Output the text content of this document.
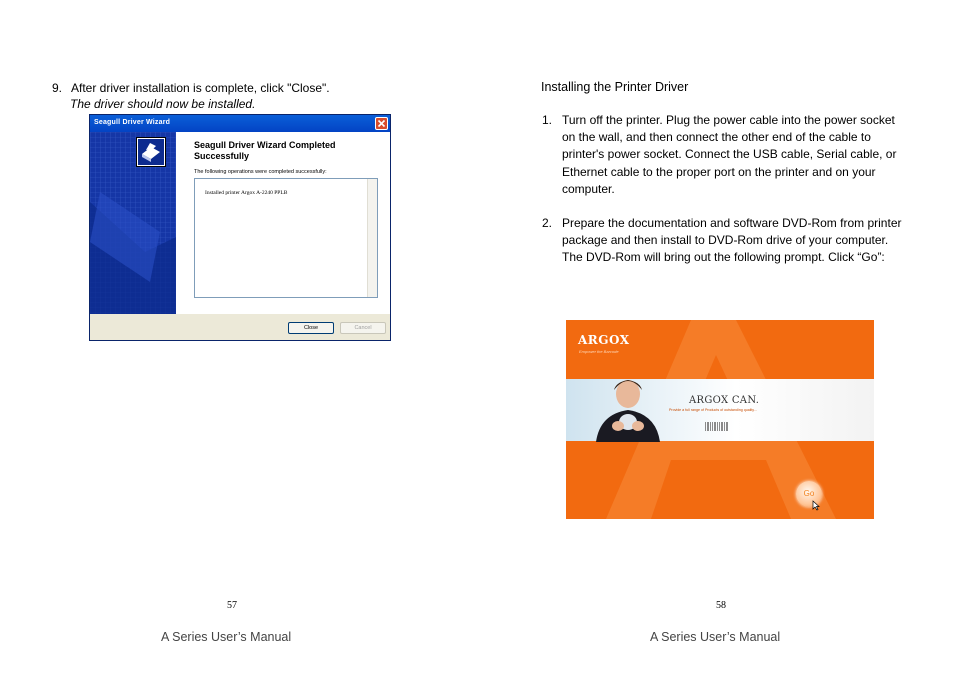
9. After driver installation is complete, click "Close".
The driver should now be installed.
Seagull Driver Wizard
Seagull Driver Wizard Completed Successfully
The following operations were completed successfully:
Installed printer Argox A-2240 PPLB
Close	Cancel
57
A Series User’s Manual
Installing the Printer Driver
1. Turn off the printer. Plug the power cable into the power socket on the wall, and then connect the other end of the cable to printer's power socket. Connect the USB cable, Serial cable, or Ethernet cable to the proper port on the printer and on your computer.
2. Prepare the documentation and software DVD-Rom from printer package and then install to DVD-Rom drive of your computer. The DVD-Rom will bring out the following prompt. Click “Go”:
ARGOX
Empower the Barcode
ARGOX CAN.
Provide a full range of Products of outstanding quality...
Go
58
A Series User’s Manual
